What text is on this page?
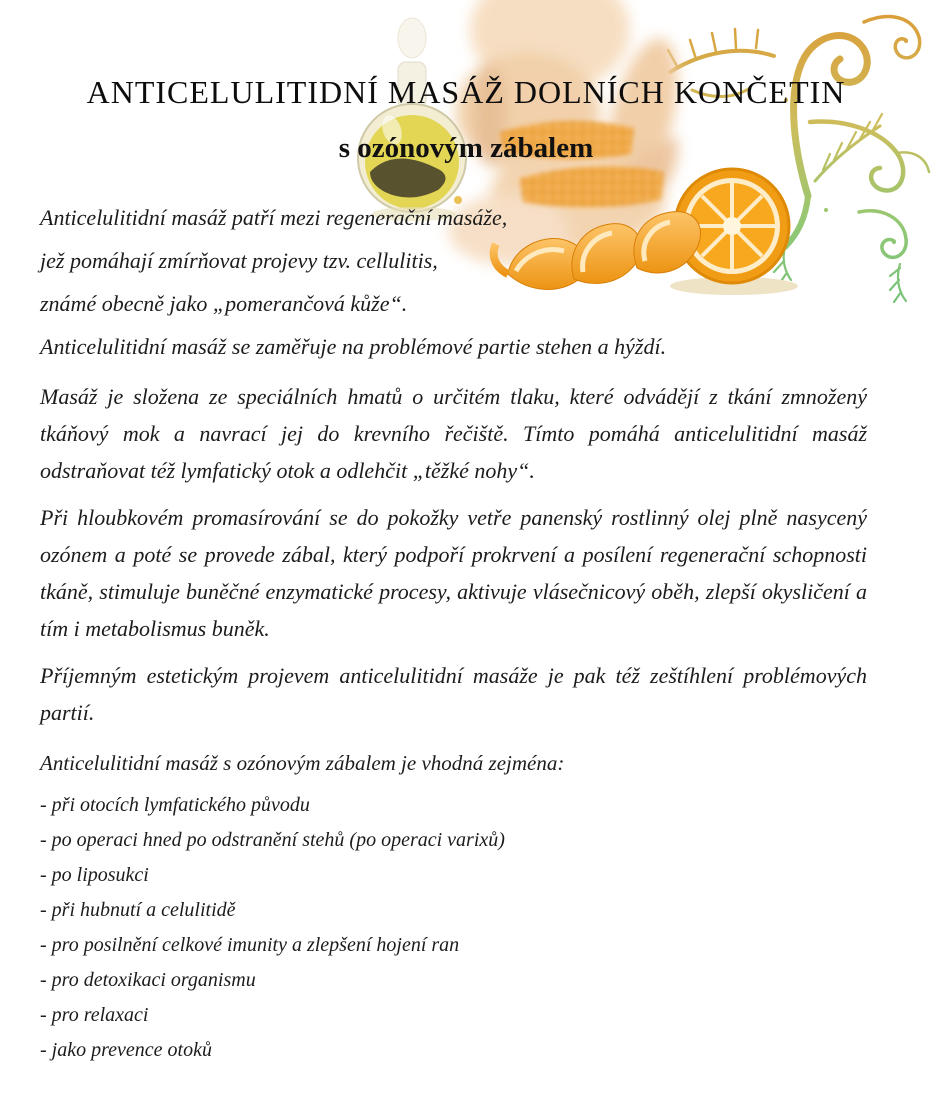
ANTICELULITIDNÍ MASÁŽ DOLNÍCH KONČETIN
s ozónovým zábalem
Anticelulitidní masáž patří mezi regenerační masáže,
jež pomáhají zmírňovat projevy tzv. cellulitis,
známé obecně jako „pomerančová kůže“.
Anticelulitidní masáž se zaměřuje na problémové partie stehen a hýždí.

Masáž je složena ze speciálních hmatů o určitém tlaku, které odvádějí z tkání zmnožený tkáňový mok a navrací jej do krevního řečiště. Tímto pomáhá anticelulitidní masáž odstraňovat též lymfatický otok a odlehčit „těžké nohy“.

Při hloubkovém promasírování se do pokožky vetře panenský rostlinný olej plně nasycený ozónem a poté se provede zábal, který podpoří prokrvení a posílení regenerační schopnosti tkáně, stimuluje buněčné enzymatické procesy, aktivuje vlásečnicový oběh, zlepší okysličení a tím i metabolismus buněk.

Příjemným estetickým projevem anticelulitidní masáže je pak též zeštíhlení problémových partií.

Anticelulitidní masáž s ozónovým zábalem je vhodná zejména:
- při otocích lymfatického původu
- po operaci hned po odstranění stehů (po operaci varixů)
- po liposukci
- při hubnutí a celulitidě
- pro posilnění celkové imunity a zlepšení hojení ran
- pro detoxikaci organismu
- pro relaxaci
- jako prevence otoků
